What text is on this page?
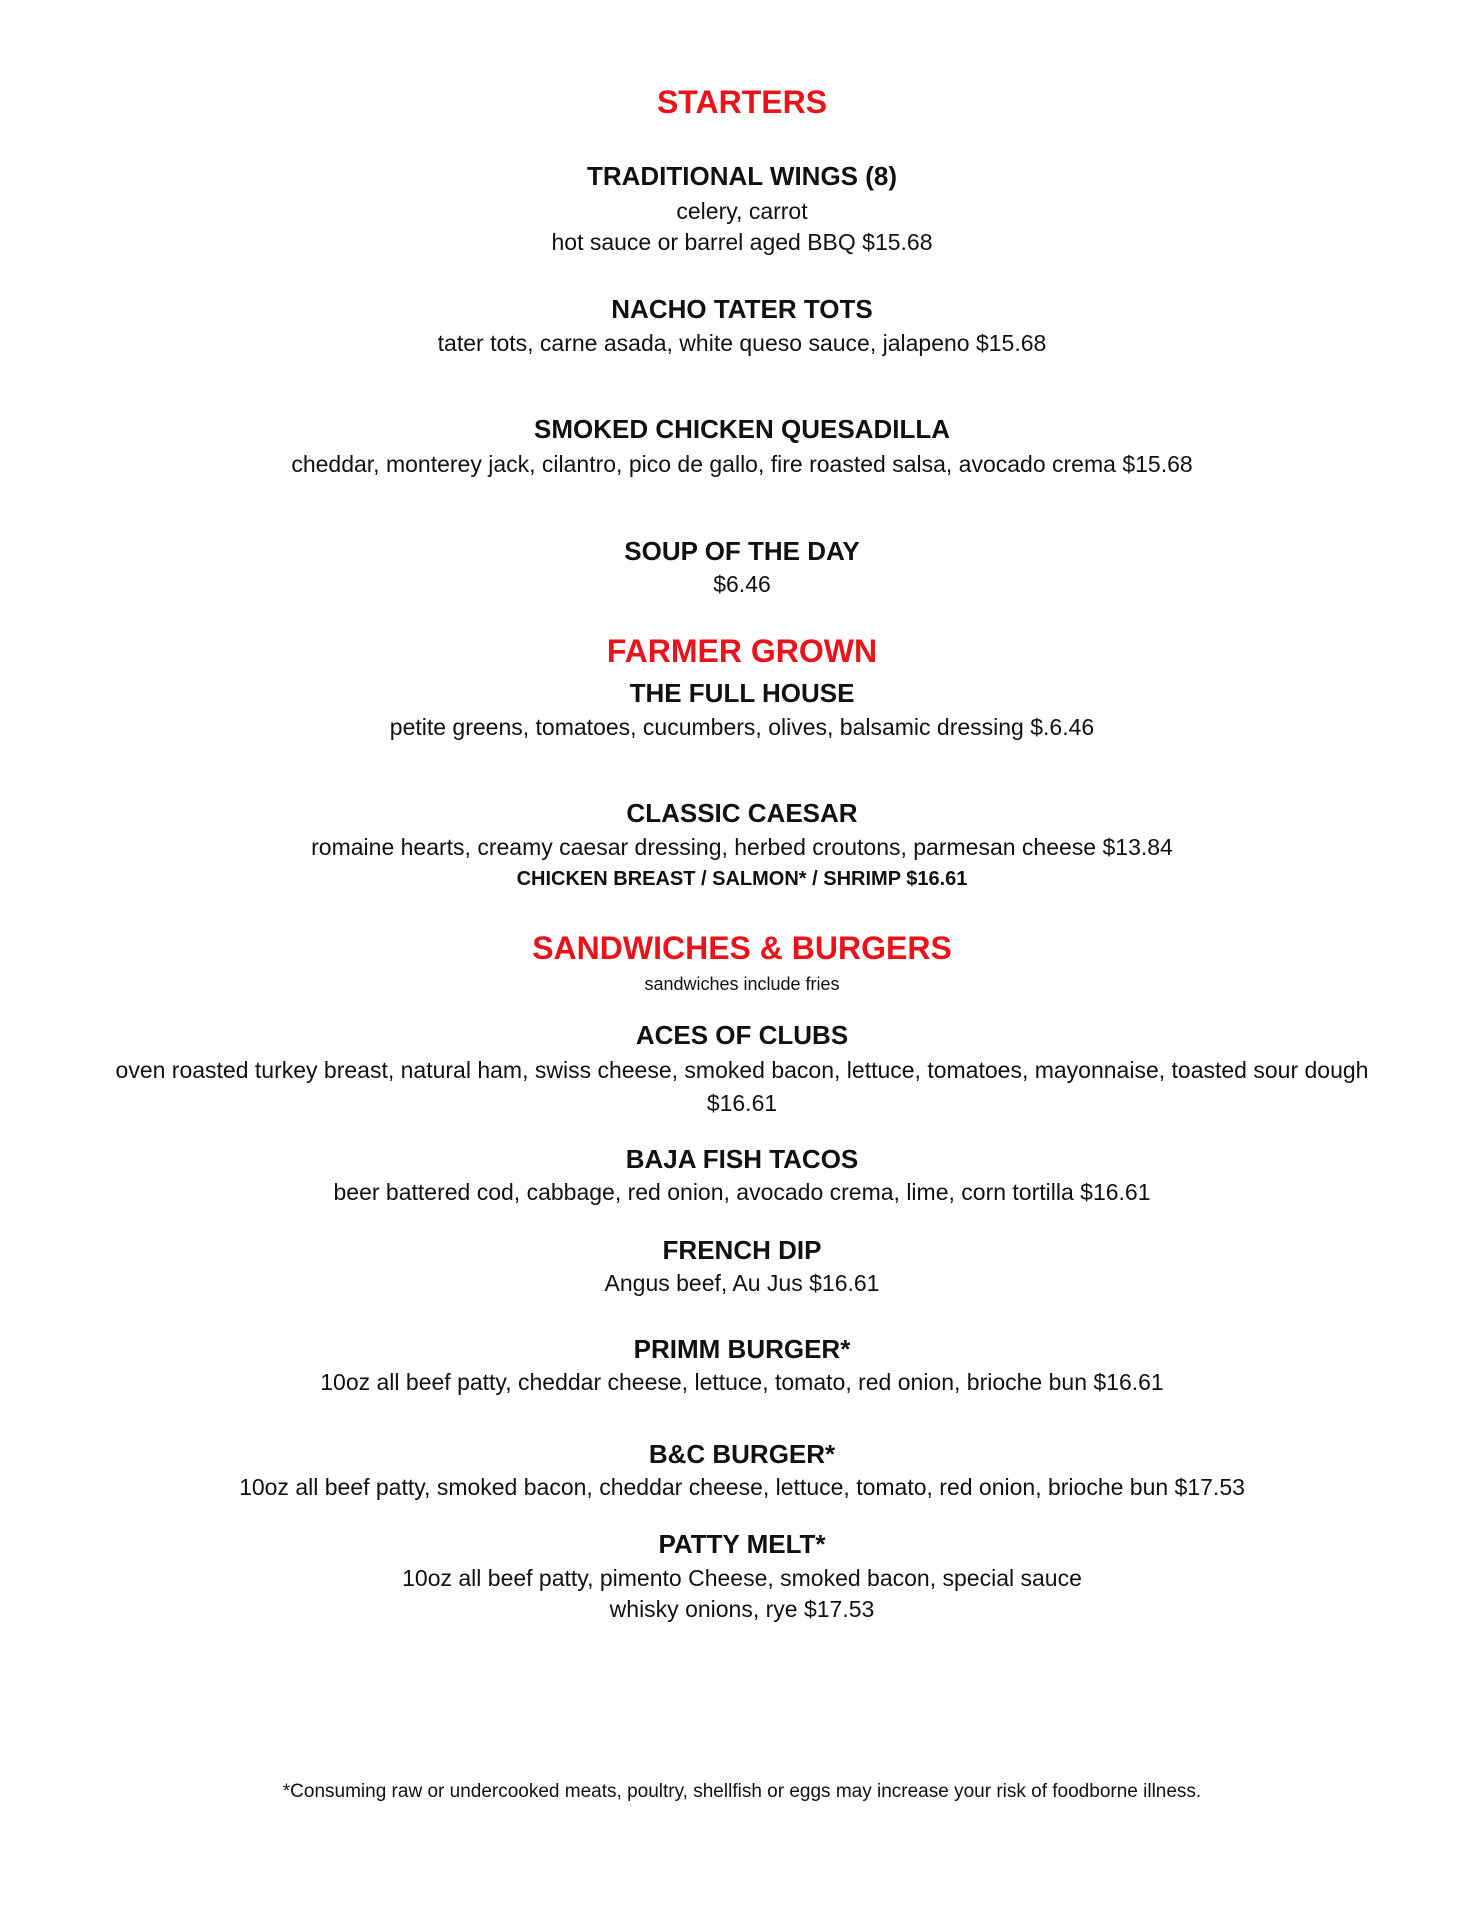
STARTERS
TRADITIONAL WINGS (8)
celery, carrot
hot sauce or barrel aged BBQ $15.68
NACHO TATER TOTS
tater tots, carne asada, white queso sauce, jalapeno $15.68
SMOKED CHICKEN QUESADILLA
cheddar, monterey jack, cilantro, pico de gallo, fire roasted salsa, avocado crema $15.68
SOUP OF THE DAY
$6.46
FARMER GROWN
THE FULL HOUSE
petite greens, tomatoes, cucumbers, olives, balsamic dressing $.6.46
CLASSIC CAESAR
romaine hearts, creamy caesar dressing, herbed croutons, parmesan cheese $13.84
CHICKEN BREAST / SALMON* / SHRIMP $16.61
SANDWICHES & BURGERS
sandwiches include fries
ACES OF CLUBS
oven roasted turkey breast, natural ham, swiss cheese, smoked bacon, lettuce, tomatoes, mayonnaise, toasted sour dough
$16.61
BAJA FISH TACOS
beer battered cod, cabbage, red onion, avocado crema, lime, corn tortilla $16.61
FRENCH DIP
Angus beef, Au Jus $16.61
PRIMM BURGER*
10oz all beef patty, cheddar cheese, lettuce, tomato, red onion, brioche bun $16.61
B&C BURGER*
10oz all beef patty, smoked bacon, cheddar cheese, lettuce, tomato, red onion, brioche bun $17.53
PATTY MELT*
10oz all beef patty, pimento Cheese, smoked bacon, special sauce
whisky onions, rye $17.53
*Consuming raw or undercooked meats, poultry, shellfish or eggs may increase your risk of foodborne illness.
